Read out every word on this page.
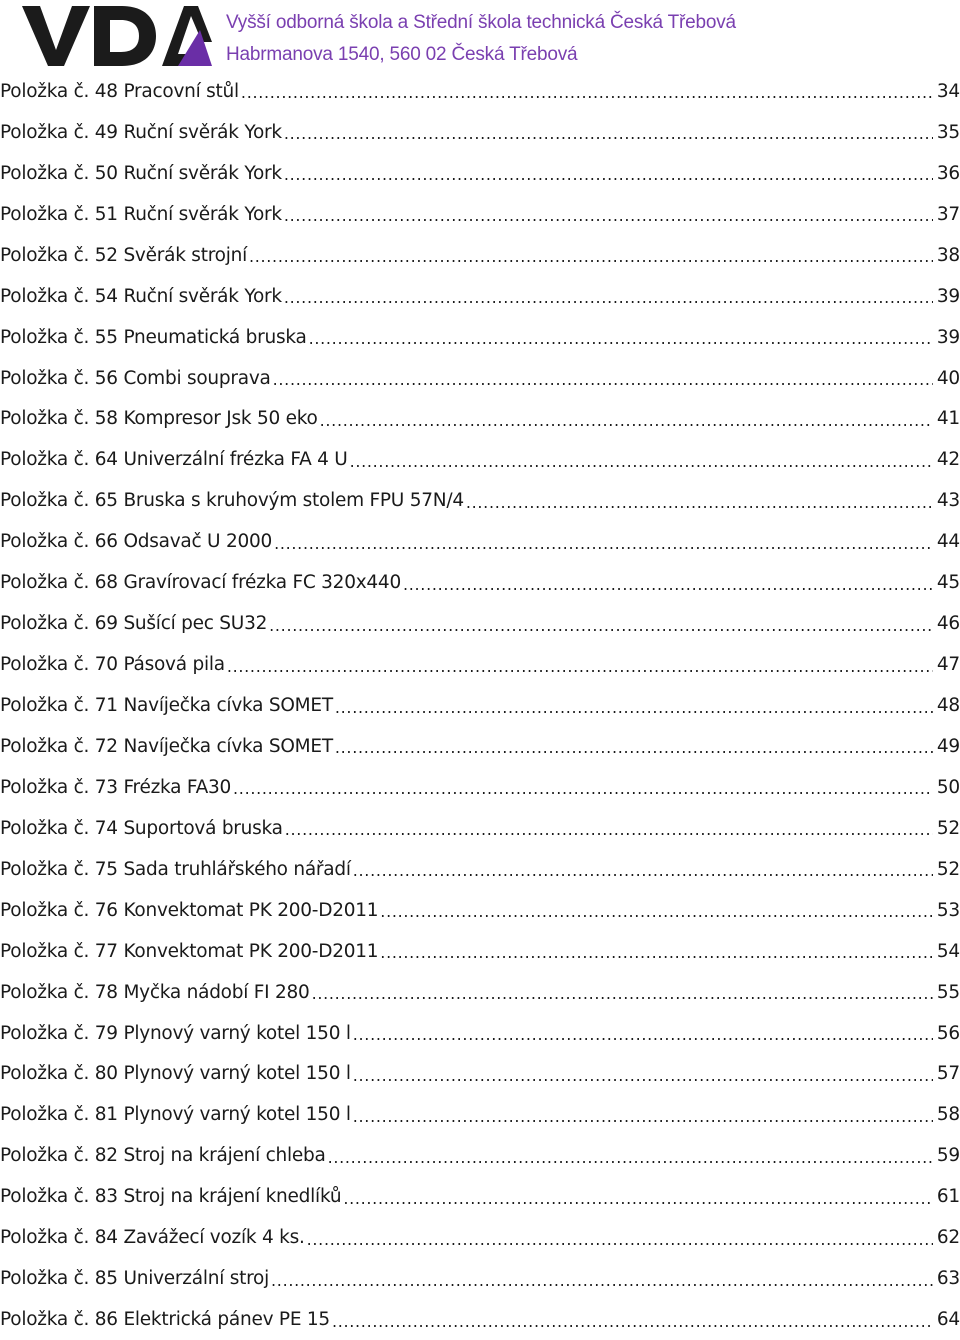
Vyšší odborná škola a Střední škola technická Česká Třebová
Habrmanova 1540, 560 02 Česká Třebová
Položka č. 48 Pracovní stůl . . .	34
Položka č. 49 Ruční svěrák York . . .	35
Položka č. 50 Ruční svěrák York . . .	36
Položka č. 51 Ruční svěrák York . . .	37
Položka č. 52 Svěrák strojní . . .	38
Položka č. 54 Ruční svěrák York . . .	39
Položka č. 55 Pneumatická bruska . . .	39
Položka č. 56 Combi souprava . . .	40
Položka č. 58 Kompresor Jsk 50 eko . . .	41
Položka č. 64 Univerzální frézka FA 4 U . . .	42
Položka č. 65 Bruska s kruhovým stolem FPU 57N/4 . . .	43
Položka č. 66 Odsavač U 2000 . . .	44
Položka č. 68 Gravírovací frézka FC 320x440 . . .	45
Položka č. 69 Sušící pec SU32 . . .	46
Položka č. 70 Pásová pila . . .	47
Položka č. 71 Navíječka cívka SOMET . . .	48
Položka č. 72 Navíječka cívka SOMET . . .	49
Položka č. 73 Frézka FA30 . . .	50
Položka č. 74 Suportová bruska . . .	52
Položka č. 75 Sada truhlářského nářadí . . .	52
Položka č. 76 Konvektomat PK 200-D2011 . . .	53
Položka č. 77 Konvektomat PK 200-D2011 . . .	54
Položka č. 78 Myčka nádobí FI 280 . . .	55
Položka č. 79 Plynový varný kotel 150 l . . .	56
Položka č. 80 Plynový varný kotel 150 l . . .	57
Položka č. 81 Plynový varný kotel 150 l . . .	58
Položka č. 82 Stroj na krájení chleba . . .	59
Položka č. 83 Stroj na krájení knedlíků . . .	61
Položka č. 84 Zavážecí vozík 4 ks. . . .	62
Položka č. 85 Univerzální stroj . . .	63
Položka č. 86 Elektrická pánev PE 15 . . .	64
